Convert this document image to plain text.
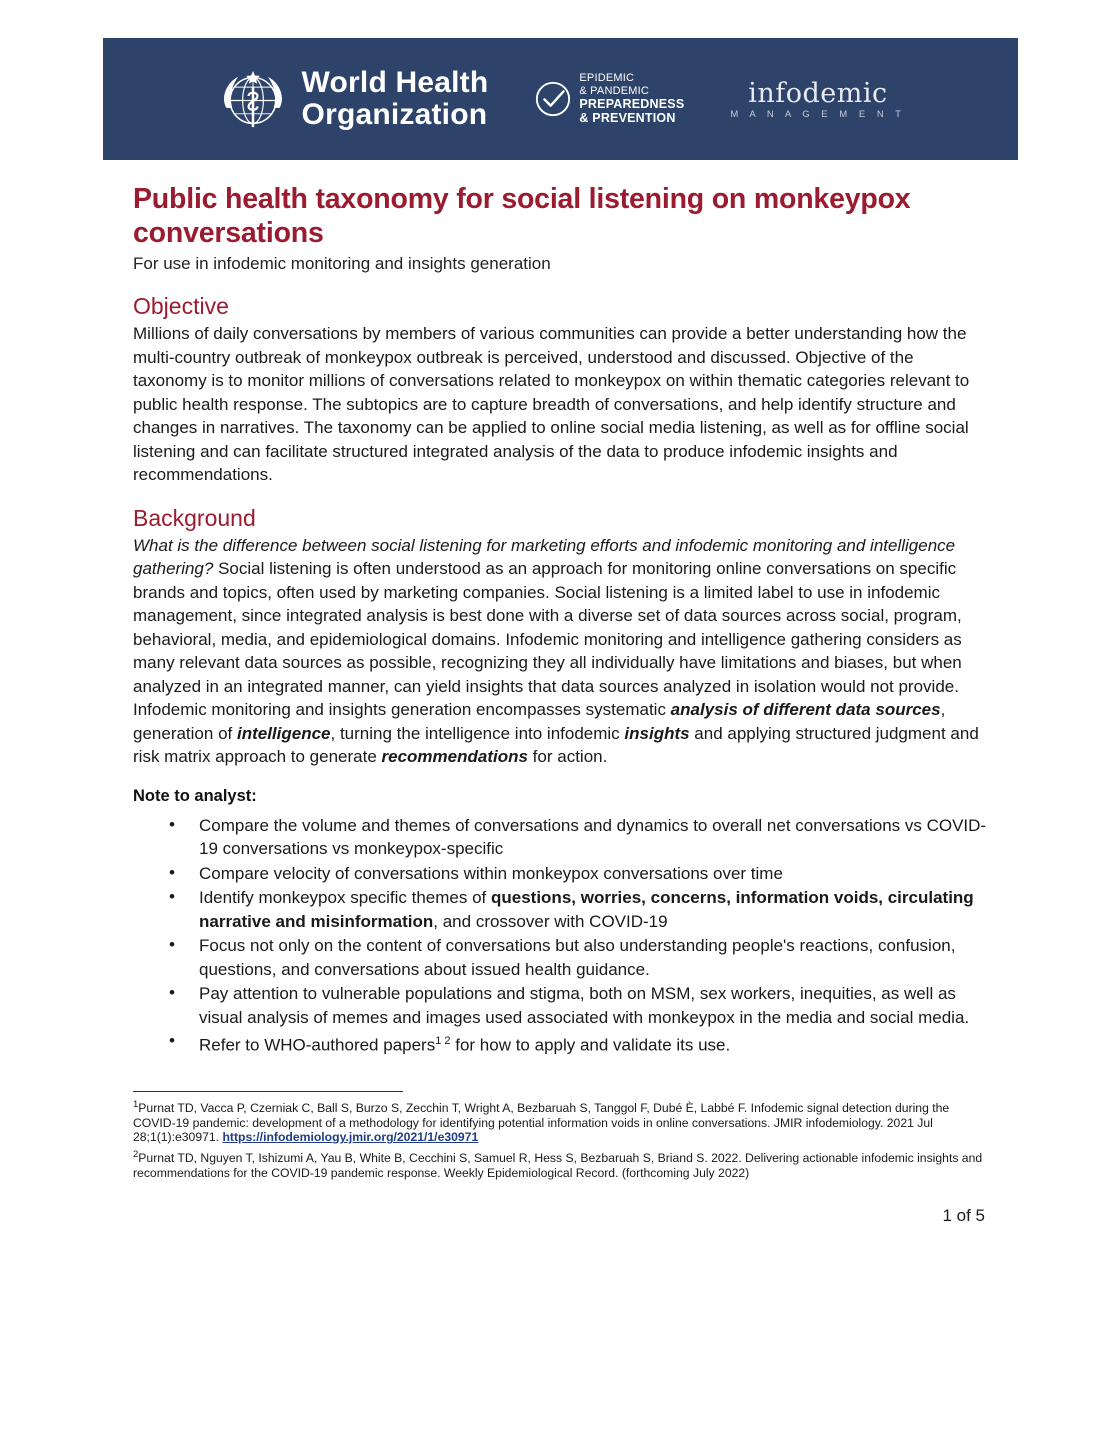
World Health
Organization
EPIDEMIC
& PANDEMIC
PREPAREDNESS
& PREVENTION
infodemic
M A N A G E M E N T
Public health taxonomy for social listening on monkeypox conversations
For use in infodemic monitoring and insights generation
Objective

Millions of daily conversations by members of various communities can provide a better understanding how the multi-country outbreak of monkeypox outbreak is perceived, understood and discussed. Objective of the taxonomy is to monitor millions of conversations related to monkeypox on within thematic categories relevant to public health response. The subtopics are to capture breadth of conversations, and help identify structure and changes in narratives. The taxonomy can be applied to online social media listening, as well as for offline social listening and can facilitate structured integrated analysis of the data to produce infodemic insights and recommendations.

Background

What is the difference between social listening for marketing efforts and infodemic monitoring and intelligence gathering? Social listening is often understood as an approach for monitoring online conversations on specific brands and topics, often used by marketing companies. Social listening is a limited label to use in infodemic management, since integrated analysis is best done with a diverse set of data sources across social, program, behavioral, media, and epidemiological domains. Infodemic monitoring and intelligence gathering considers as many relevant data sources as possible, recognizing they all individually have limitations and biases, but when analyzed in an integrated manner, can yield insights that data sources analyzed in isolation would not provide. Infodemic monitoring and insights generation encompasses systematic analysis of different data sources, generation of intelligence, turning the intelligence into infodemic insights and applying structured judgment and risk matrix approach to generate recommendations for action.

Note to analyst:
• Compare the volume and themes of conversations and dynamics to overall net conversations vs COVID-19 conversations vs monkeypox-specific
• Compare velocity of conversations within monkeypox conversations over time
• Identify monkeypox specific themes of questions, worries, concerns, information voids, circulating narrative and misinformation, and crossover with COVID-19
• Focus not only on the content of conversations but also understanding people's reactions, confusion, questions, and conversations about issued health guidance.
• Pay attention to vulnerable populations and stigma, both on MSM, sex workers, inequities, as well as visual analysis of memes and images used associated with monkeypox in the media and social media.
• Refer to WHO-authored papers$^{1 2}$ for how to apply and validate its use.
$^1$Purnat TD, Vacca P, Czerniak C, Ball S, Burzo S, Zecchin T, Wright A, Bezbaruah S, Tanggol F, Dubé È, Labbé F. Infodemic signal detection during the COVID-19 pandemic: development of a methodology for identifying potential information voids in online conversations. JMIR infodemiology. 2021 Jul 28;1(1):e30971. https://infodemiology.jmir.org/2021/1/e30971
$^2$Purnat TD, Nguyen T, Ishizumi A, Yau B, White B, Cecchini S, Samuel R, Hess S, Bezbaruah S, Briand S. 2022. Delivering actionable infodemic insights and recommendations for the COVID-19 pandemic response. Weekly Epidemiological Record. (forthcoming July 2022)
1 of 5
